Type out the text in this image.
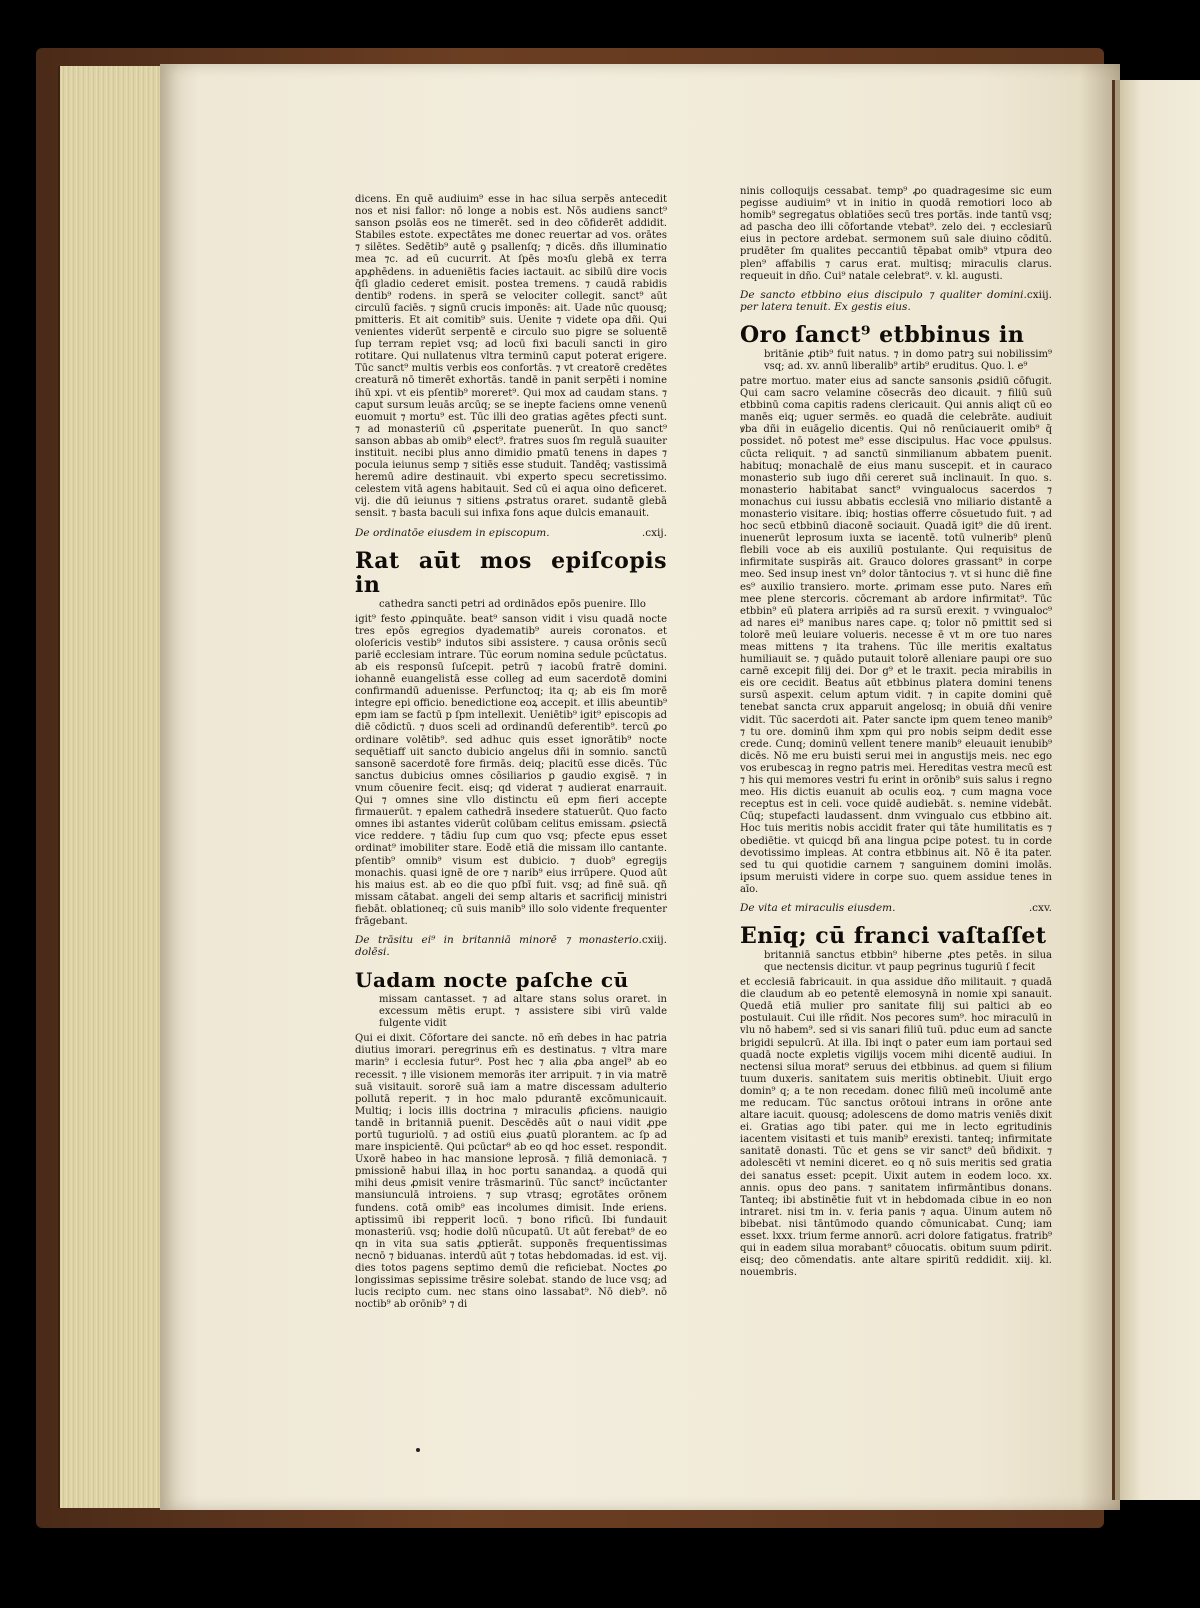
dicens. En quē audiuim⁹ esse in hac silua serpēs antecedit nos et nisi fallor: nō longe a nobis est. Nōs audiens sanct⁹ sanson ꝑsolās eos ne timerēt. sed in deo cōfiderēt addidit. Stabiles estote. expectātes me donec reuertar ad vos. orātes ⁊ silētes. Sedētib⁹ autē ꝯ psallenſq; ⁊ dicēs. dñs illuminatio mea ⁊c. ad eū cucurrit. At ſpēs moꝛſu glebā ex terra apꝓhēdens. in adueniētis facies iactauit. ac sibilū dire vocis q̄ſi gladio cederet emisit. postea tremens. ⁊ caudā rabidis dentib⁹ rodens. in sperā se velociter collegit. sanct⁹ aūt circulū faciēs. ⁊ signū crucis imponēs: ait. Uade nūc quousq; pmitteris. Et ait comitib⁹ suis. Uenite ⁊ videte opa dñi. Qui venientes viderūt serpentē e circulo suo pigre se soluentē ſup terram repiet vsq; ad locū fixi baculi sancti in giro rotitare. Qui nullatenus vltra terminū caput poterat erigere. Tūc sanct⁹ multis verbis eos confortās. ⁊ vt creatorē credētes creaturā nō timerēt exhortās. tandē in panit serpēti i nomine ihū xpi. vt eis pſentib⁹ moreret⁹. Qui mox ad caudam stans. ⁊ caput sursum leuās arcūq; se se inepte faciens omne venenū euomuit ⁊ mortu⁹ est. Tūc illi deo gratias agētes ꝑfecti sunt. ⁊ ad monasteriū cū ꝓsperitate puenerūt. In quo sanct⁹ sanson abbas ab omib⁹ elect⁹. fratres suos ſm regulā suauiter instituit. necibi plus anno dimidio pmatū tenens in dapes ⁊ pocula ieiunus semp ⁊ sitiēs esse studuit. Tandēq; vastissimā heremū adire destinauit. vbi experto specu secretissimo. celestem vitā agens habitauit. Sed cū ei aqua oino deficeret. vij. die dū ieiunus ⁊ sitiens ꝓstratus oraret. sudantē glebā sensit. ⁊ basta baculi sui infixa fons aque dulcis emanauit.
De ordinatōe eiusdem in episcopum.	.cxij.
Rat aūt mos epiſcopis in
cathedra sancti petri ad ordinādos epōs puenire. Illo
igit⁹ festo ꝓpinquāte. beat⁹ sanson vidit i visu quadā nocte tres epōs egregios dyadematib⁹ aureis coronatos. et oloſericis vestib⁹ indutos sibi assistere. ⁊ causa orōnis secū pariē ecclesiam intrare. Tūc eorum nomina sedule pcūctatus. ab eis responsū ſuſcepit. petrū ⁊ iacobū fratrē domini. iohannē euangelistā esse colleg ad eum sacerdotē domini confirmandū aduenisse. Perfunctoq; ita q; ab eis ſm morē integre epi officio. benedictione eoꝝ accepit. et illis abeuntib⁹ epm iam se factū p ſpm intellexit. Ueniētib⁹ igit⁹ episcopis ad diē cōdictū. ⁊ duos sceli ad ordinandū deferentib⁹. tercū ꝓo ordinare volētib⁹. sed adhuc quis esset ignorātib⁹ nocte sequētiaff uit sancto dubicio angelus dñi in somnio. sanctū sansonē sacerdotē fore firmās. deiq; placitū esse dicēs. Tūc sanctus dubicius omnes cōsiliarios ꝑ gaudio exgisē. ⁊ in vnum cōuenire fecit. eisq; qd viderat ⁊ audierat enarrauit. Qui ⁊ omnes sine vllo distinctu eū epm fieri accepte firmauerūt. ⁊ epalem cathedrā insedere statuerūt. Quo facto omnes ibi astantes viderūt colūbam celitus emissam. ꝓsiectā vice reddere. ⁊ tādiu ſup cum quo vsq; pfecte epus esset ordinat⁹ imobiliter stare. Eodē etiā die missam illo cantante. pſentib⁹ omnib⁹ visum est dubicio. ⁊ duob⁹ egregijs monachis. quasi ignē de ore ⁊ narib⁹ eius irrūpere. Quod aūt his maius est. ab eo die quo pſbī fuit. vsq; ad finē suā. qñ missam cātabat. angeli dei semp altaris et sacrificij ministri fiebāt. oblationeq; cū suis manib⁹ illo solo vidente frequenter frāgebant.
De trāsitu ei⁹ in britanniā minorē ⁊ monasterio dolēsi.
.cxiij.
Uadam nocte paſche cū
missam cantasset. ⁊ ad altare stans solus oraret. in excessum mētis erupt. ⁊ assistere sibi virū valde fulgente vidit
Qui ei dixit. Cōfortare dei sancte. nō em̄ debes in hac patria diutius imorari. peregrinus em̄ es destinatus. ⁊ vltra mare marin⁹ i ecclesia futur⁹. Post hec ⁊ alia ꝓba angel⁹ ab eo recessit. ⁊ ille visionem memorās iter arripuit. ⁊ in via matrē suā visitauit. sororē suā iam a matre discessam adulterio pollutā reperit. ⁊ in hoc malo pdurantē excōmunicauit. Multiq; i locis illis doctrina ⁊ miraculis ꝓficiens. nauigio tandē in britanniā puenit. Descēdēs aūt o naui vidit ꝓpe portū tuguriolū. ⁊ ad ostiū eius ꝓuatū plorantem. ac ſp ad mare inspicientē. Qui pcūctar⁹ ab eo qd hoc esset. respondit. Uxorē habeo in hac mansione leprosā. ⁊ filiā demoniacā. ⁊ pmissionē habui illaꝝ in hoc portu sanandaꝝ. a quodā qui mihi deus ꝓmisit venire trāsmarinū. Tūc sanct⁹ incūctanter mansiunculā introiens. ⁊ sup vtrasq; egrotātes orōnem fundens. cotā omib⁹ eas incolumes dimisit. Inde eriens. aptissimū ibi repperit locū. ⁊ bono rificū. Ibi fundauit monasteriū. vsq; hodie dolū nūcupatū. Ut aūt ferebat⁹ de eo qn in vita sua satis ꝓptierāt. supponēs frequentissimas necnō ⁊ biduanas. interdū aūt ⁊ totas hebdomadas. id est. vij. dies totos pagens septimo demū die reficiebat. Noctes ꝓo longissimas sepissime trēsire solebat. stando de luce vsq; ad lucis recipto cum. nec stans oino lassabat⁹. Nō dieb⁹. nō noctib⁹ ab orōnib⁹ ⁊ di
ninis colloquijs cessabat. temp⁹ ꝓo quadragesime sic eum pegisse audiuim⁹ vt in initio in quodā remotiori loco ab homib⁹ segregatus oblatiōes secū tres portās. inde tantū vsq; ad pascha deo illi cōfortande vtebat⁹. zelo dei. ⁊ ecclesiarū eius in pectore ardebat. sermonem suū sale diuino cōditū. prudēter ſm qualites peccantiū tēpabat omib⁹ vtpura deo plen⁹ affabilis ⁊ carus erat. multisq; miraculis clarus. requeuit in dño. Cui⁹ natale celebrat⁹. v. kl. augusti.
De sancto etbbino eius discipulo ⁊ qualiter domini per latera tenuit. Ex gestis eius.
.cxiij.
Oro ſanct⁹ etbbinus in
britānie ꝓtib⁹ fuit natus. ⁊ in domo patrꝫ sui nobilissim⁹ vsq; ad. xv. annū liberalib⁹ artib⁹ eruditus. Quo. l. e⁹
patre mortuo. mater eius ad sancte sansonis ꝓsidiū cōfugit. Qui cam sacro velamine cōsecrās deo dicauit. ⁊ filiū suū etbbinū coma capitis radens clericauit. Qui annis aliqt cū eo manēs eiq; uguer sermēs. eo quadā die celebrāte. audiuit ꝟba dñi in euāgelio dicentis. Qui nō renūciauerit omib⁹ q̄ possidet. nō potest me⁹ esse discipulus. Hac voce ꝓpulsus. cūcta reliquit. ⁊ ad sanctū sinmilianum abbatem puenit. habituq; monachalē de eius manu suscepit. et in cauraco monasterio sub iugo dñi cereret suā inclinauit. In quo. s. monasterio habitabat sanct⁹ vvingualocus sacerdos ⁊ monachus cui iussu abbatis ecclesiā vno miliario distantē a monasterio visitare. ibiq; hostias offerre cōsuetudo fuit. ⁊ ad hoc secū etbbinū diaconē sociauit. Quadā igit⁹ die dū irent. inuenerūt leprosum iuxta se iacentē. totū vulnerib⁹ plenū flebili voce ab eis auxiliū postulante. Qui requisitus de infirmitate suspirās ait. Grauco dolores grassant⁹ in corpe meo. Sed insup inest vn⁹ dolor tāntocius ⁊. vt si hunc diē fine es⁹ auxilio transiero. morte. ꝓrimam esse puto. Nares em̄ mee plene stercoris. cōcremant ab ardore infirmitat⁹. Tūc etbbin⁹ eū platera arripiēs ad ra sursū erexit. ⁊ vvingualoc⁹ ad nares ei⁹ manibus nares cape. q; tolor nō pmittit sed si tolorē meū leuiare volueris. necesse ē vt m ore tuo nares meas mittens ⁊ ita trahens. Tūc ille meritis exaltatus humiliauit se. ⁊ quādo putauit tolorē alleniare paupi ore suo carnē excepit filij dei. Dor g⁹ et le traxit. pecia mirabilis in eis ore cecidit. Beatus aūt etbbinus platera domini tenens sursū aspexit. celum aptum vidit. ⁊ in capite domini quē tenebat sancta crux apparuit angelosq; in obuiā dñi venire vidit. Tūc sacerdoti ait. Pater sancte ipm quem teneo manib⁹ ⁊ tu ore. dominū ihm xpm qui pro nobis seipm dedit esse crede. Cunq; dominū vellent tenere manib⁹ eleuauit ienubib⁹ dicēs. Nō me eru buisti serui mei in angustijs meis. nec ego vos erubescaꝫ in regno patris mei. Hereditas vestra mecū est ⁊ his qui memores vestri fu erint in orōnib⁹ suis salus i regno meo. His dictis euanuit ab oculis eoꝝ. ⁊ cum magna voce receptus est in celi. voce quidē audiebāt. s. nemine videbāt. Cūq; stupefacti laudassent. dnm vvingualo cus etbbino ait. Hoc tuis meritis nobis accidit frater qui tāte humilitatis es ⁊ obediētie. vt quicqd bñ ana lingua ꝑcipe potest. tu in corde devotissimo impleas. At contra etbbinus ait. Nō ē ita pater. sed tu qui quotidie carnem ⁊ sanguinem domini imolās. ipsum meruisti videre in corpe suo. quem assidue tenes in aīo.
De vita et miraculis eiusdem.	.cxv.
Enīq; cū franci vaſtaſſet
britanniā sanctus etbbin⁹ hiberne ꝓtes petēs. in silua que nectensis dicitur. vt paup pegrinus tuguriū ſ fecit
et ecclesiā fabricauit. in qua assidue dño militauit. ⁊ quadā die claudum ab eo petentē elemosynā in nomie xpi sanauit. Quedā etiā mulier pro sanitate filij sui paltici ab eo postulauit. Cui ille rñdit. Nos pecores sum⁹. hoc miraculū in vlu nō habem⁹. sed si vis sanari filiū tuū. pduc eum ad sancte brigidi sepulcrū. At illa. Ibi inqt o pater eum iam portaui sed quadā nocte expletis vigilijs vocem mihi dicentē audiui. In nectensi silua morat⁹ seruus dei etbbinus. ad quem si filium tuum duxeris. sanitatem suis meritis obtinebit. Uiuit ergo domin⁹ q; a te non recedam. donec filiū meū incolumē ante me reducam. Tūc sanctus orōtoui intrans in orōne ante altare iacuit. quousq; adolescens de domo matris veniēs dixit ei. Gratias ago tibi pater. qui me in lecto egritudinis iacentem visitasti et tuis manib⁹ erexisti. tanteq; infirmitate sanitatē donasti. Tūc et gens se vir sanct⁹ deū bñdixit. ⁊ adolescēti vt nemini diceret. eo q nō suis meritis sed gratia dei sanatus esset: pcepit. Uixit autem in eodem loco. xx. annis. opus deo pans. ⁊ sanitatem infirmāntibus donans. Tanteq; ibi abstinētie fuit vt in hebdomada cibue in eo non intraret. nisi tm in. v. feria panis ⁊ aqua. Uinum autem nō bibebat. nisi tāntūmodo quando cōmunicabat. Cunq; iam esset. lxxx. trium ferme annorū. acri dolore fatigatus. fratrib⁹ qui in eadem silua morabant⁹ cōuocatis. obitum suum pdirit. eisq; deo cōmendatis. ante altare spiritū reddidit. xiij. kl. nouembris.
